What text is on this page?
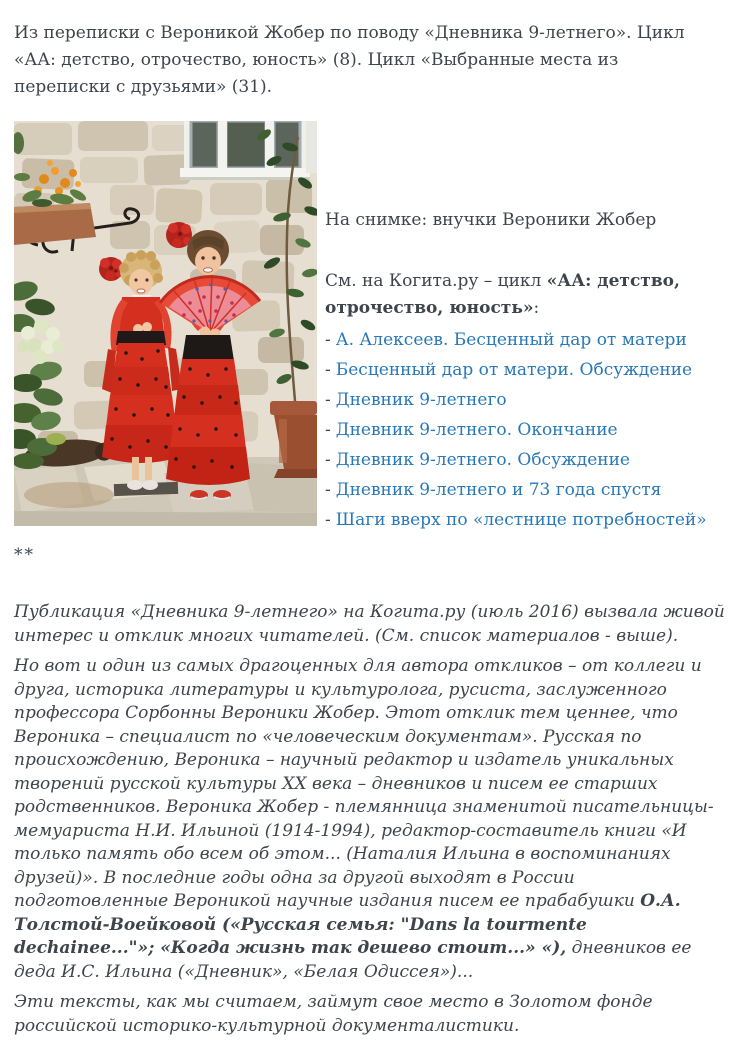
Из переписки с Вероникой Жобер по поводу «Дневника 9-летнего». Цикл «АА: детство, отрочество, юность» (8). Цикл «Выбранные места из переписки с друзьями» (31).

На снимке: внучки Вероники Жобер

См. на Когита.ру – цикл «АА: детство, отрочество, юность»:

- А. Алексеев. Бесценный дар от матери
- Бесценный дар от матери. Обсуждение
- Дневник 9-летнего
- Дневник 9-летнего. Окончание
- Дневник 9-летнего. Обсуждение
- Дневник 9-летнего и 73 года спустя
- Шаги вверх по «лестнице потребностей»

**

Публикация «Дневника 9-летнего» на Когита.ру (июль 2016) вызвала живой интерес и отклик многих читателей. (См. список материалов - выше).

Но вот и один из самых драгоценных для автора откликов – от коллеги и друга, историка литературы и культуролога, русиста, заслуженного профессора Сорбонны Вероники Жобер. Этот отклик тем ценнее, что Вероника – специалист по «человеческим документам». Русская по происхождению, Вероника – научный редактор и издатель уникальных творений русской культуры XX века – дневников и писем ее старших родственников. Вероника Жобер - племянница знаменитой писательницы-мемуариста Н.И. Ильиной (1914-1994), редактор-составитель книги «И только память обо всем об этом... (Наталия Ильина в воспоминаниях друзей)». В последние годы одна за другой выходят в России подготовленные Вероникой научные издания писем ее прабабушки О.А. Толстой-Воейковой («Русская семья: "Dans la tourmente dechainee..."»; «Когда жизнь так дешево стоит...» «), дневников ее деда И.С. Ильина («Дневник», «Белая Одиссея»)...

Эти тексты, как мы считаем, займут свое место в Золотом фонде российской историко-культурной документалистики.
